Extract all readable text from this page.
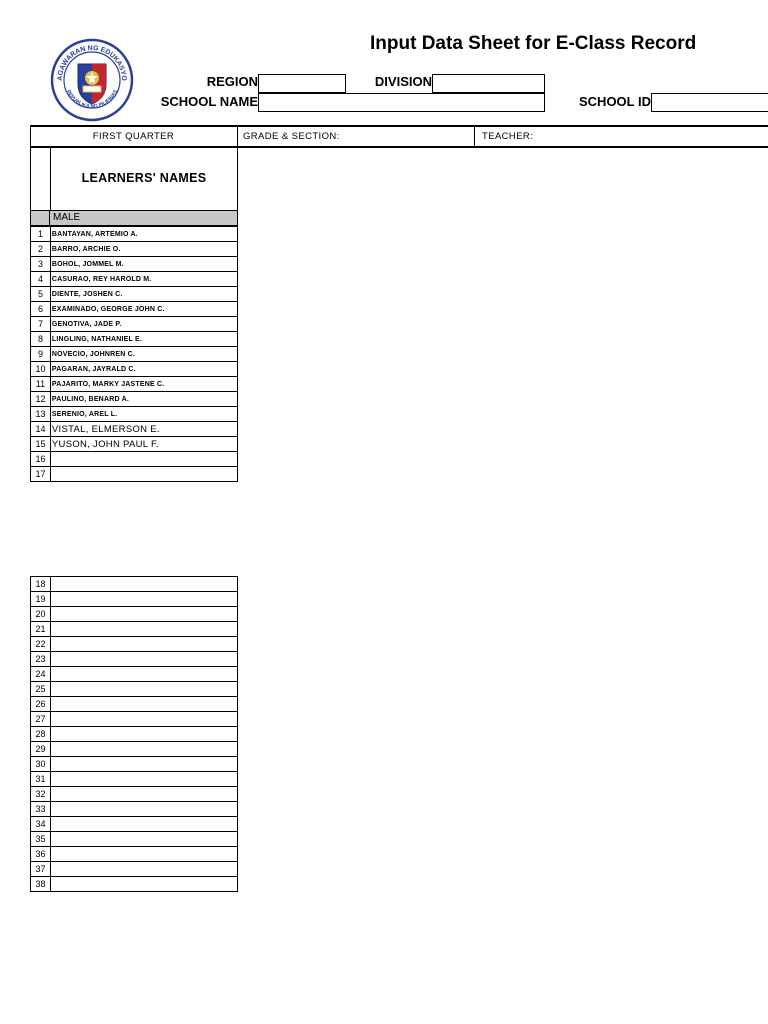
AGAWARAN NG EDUKASYO
REPUBLIKA NG PILIPINAS
Input Data Sheet for E-Class Record
REGION	DIVISION
SCHOOL NAME	SCHOOL ID
FIRST QUARTER	GRADE & SECTION:	TEACHER:
LEARNERS' NAMES
MALE
1	BANTAYAN, ARTEMIO A.
2	BARRO, ARCHIE O.
3	BOHOL, JOMMEL M.
4	CASURAO, REY HAROLD M.
5	DIENTE, JOSHEN C.
6	EXAMINADO, GEORGE JOHN C.
7	GENOTIVA, JADE P.
8	LINGLING, NATHANIEL E.
9	NOVECIO, JOHNREN C.
10	PAGARAN, JAYRALD C.
11	PAJARITO, MARKY JASTENE C.
12	PAULINO, BENARD A.
13	SERENIO, AREL L.
14	VISTAL, ELMERSON E.
15	YUSON, JOHN PAUL F.
16	
17	
18	
19	
20	
21	
22	
23	
24	
25	
26	
27	
28	
29	
30	
31	
32	
33	
34	
35	
36	
37	
38	
